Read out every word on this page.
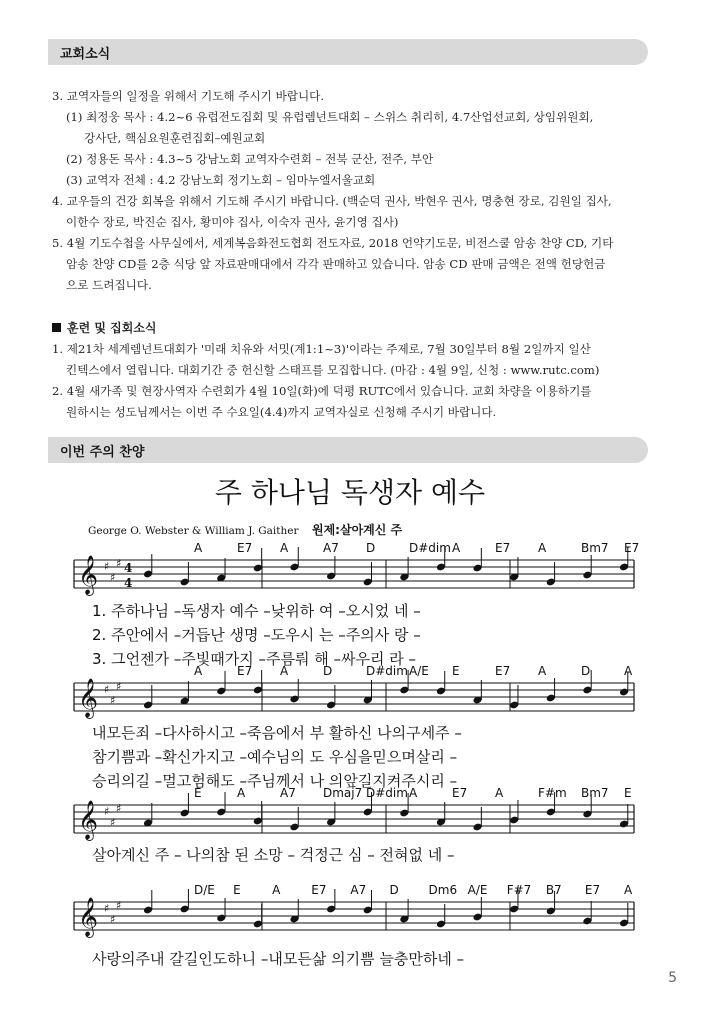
교회소식
3. 교역자들의 일정을 위해서 기도해 주시기 바랍니다.
(1) 최정웅 목사 : 4.2~6 유럽전도집회 및 유럽렘넌트대회 – 스위스 취리히, 4.7산업선교회, 상임위원회,
강사단, 핵심요원훈련집회–예원교회
(2) 정용돈 목사 : 4.3~5 강남노회 교역자수련회 – 전북 군산, 전주, 부안
(3) 교역자 전체 : 4.2 강남노회 정기노회 – 임마누엘서울교회
4. 교우들의 건강 회복을 위해서 기도해 주시기 바랍니다. (백순덕 권사, 박현우 권사, 명충현 장로, 김원일 집사,
이한수 장로, 박진순 집사, 황미야 집사, 이숙자 권사, 윤기영 집사)
5. 4월 기도수첩을 사무실에서, 세계복음화전도협회 전도자료, 2018 언약기도문, 비전스쿨 암송 찬양 CD, 기타
암송 찬양 CD를 2층 식당 앞 자료판매대에서 각각 판매하고 있습니다. 암송 CD 판매 금액은 전액 헌당헌금
으로 드려집니다.
훈련 및 집회소식
1. 제21차 세계렘넌트대회가 '미래 치유와 서밋(계1:1~3)'이라는 주제로, 7월 30일부터 8월 2일까지 일산
킨텍스에서 열립니다. 대회기간 중 헌신할 스태프를 모집합니다. (마감 : 4월 9일, 신청 : www.rutc.com)
2. 4월 새가족 및 현장사역자 수련회가 4월 10일(화)에 덕평 RUTC에서 있습니다. 교회 차량을 이용하기를
원하시는 성도님께서는 이번 주 수요일(4.4)까지 교역자실로 신청해 주시기 바랍니다.
이번 주의 찬양
주 하나님 독생자 예수
George O. Webster & William J. Gaither 원제:살아계신 주
𝄞 ♯
♯
♯ 4
4
A	E7 A	A7 D	D#dim A	E7 A	Bm7 E7
1. 주하나님 –독생자 예수 –낮위하 여 –오시었 네 –
2. 주안에서 –거듭난 생명 –도우시 는 –주의사 랑 –
3. 그언젠가 –주빛때가지 –주름뤄 해 –싸우리 라 –
𝄞 ♯
♯
♯
A	E7 A	D	D#dim A/E E	E7 A	D	A
내모든죄 –다사하시고 –죽음에서 부 활하신 나의구세주 –
참기쁨과 –확신가지고 –예수님의 도 우심을믿으며살리 –
승리의길 –멀고험해도 –주님께서 나 의앞길지켜주시리 –
𝄞 ♯
♯
♯
E	A	A7 Dmaj7 D#dim A	E7 A	F#m Bm7 E
살아계신 주 – 나의참 된 소망 – 걱정근 심 – 전혀없 네 –
𝄞 ♯
♯
♯
D/E E	A	E7 A7 D Dm6 A/E F#7 B7 E7 A
사랑의주내 갈길인도하니 –내모든삶 의기쁨 늘충만하네 –
5
